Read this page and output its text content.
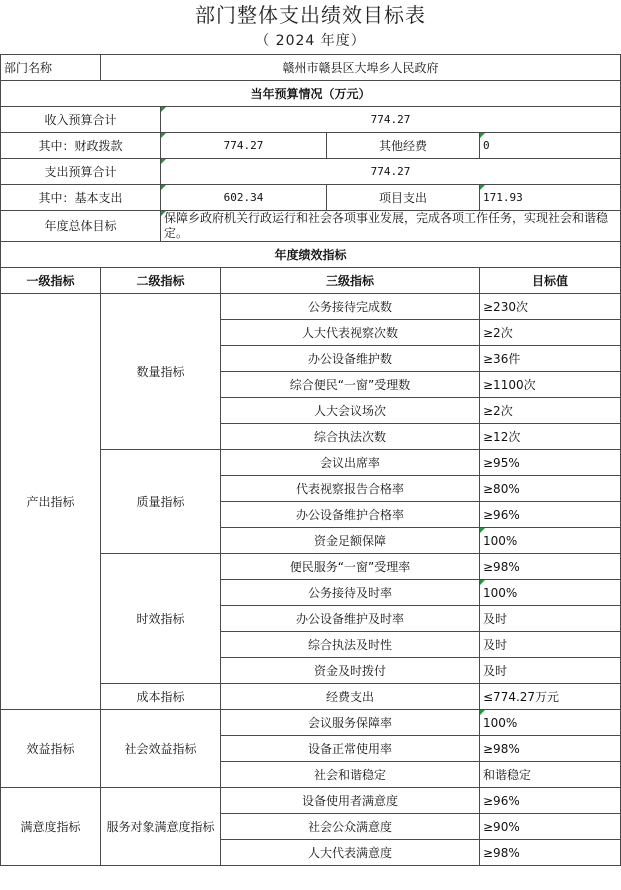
部门整体支出绩效目标表
（ 2024 年度）
部门名称	赣州市赣县区大埠乡人民政府				
当年预算情况（万元）					
收入预算合计		774.27			
其中：财政拨款		774.27		其他经费	0
支出预算合计		774.27			
其中：基本支出		602.34		项目支出	171.93
年度总体目标		保障乡政府机关行政运行和社会各项事业发展，完成各项工作任务，实现社会和谐稳定。			
年度绩效指标					
一级指标	二级指标		三级指标		目标值
产出指标	数量指标		公务接待完成数		≥230次
			人大代表视察次数		≥2次
			办公设备维护数		≥36件
			综合便民“一窗”受理数		≥1100次
			人大会议场次		≥2次
			综合执法次数		≥12次
	质量指标		会议出席率		≥95%
			代表视察报告合格率		≥80%
			办公设备维护合格率		≥96%
			资金足额保障		100%
	时效指标		便民服务“一窗”受理率		≥98%
			公务接待及时率		100%
			办公设备维护及时率		及时
			综合执法及时性		及时
			资金及时拨付		及时
	成本指标		经费支出		≤774.27万元
效益指标	社会效益指标		会议服务保障率		100%
			设备正常使用率		≥98%
			社会和谐稳定		和谐稳定
满意度指标	服务对象满意度指标		设备使用者满意度		≥96%
			社会公众满意度		≥90%
			人大代表满意度		≥98%
